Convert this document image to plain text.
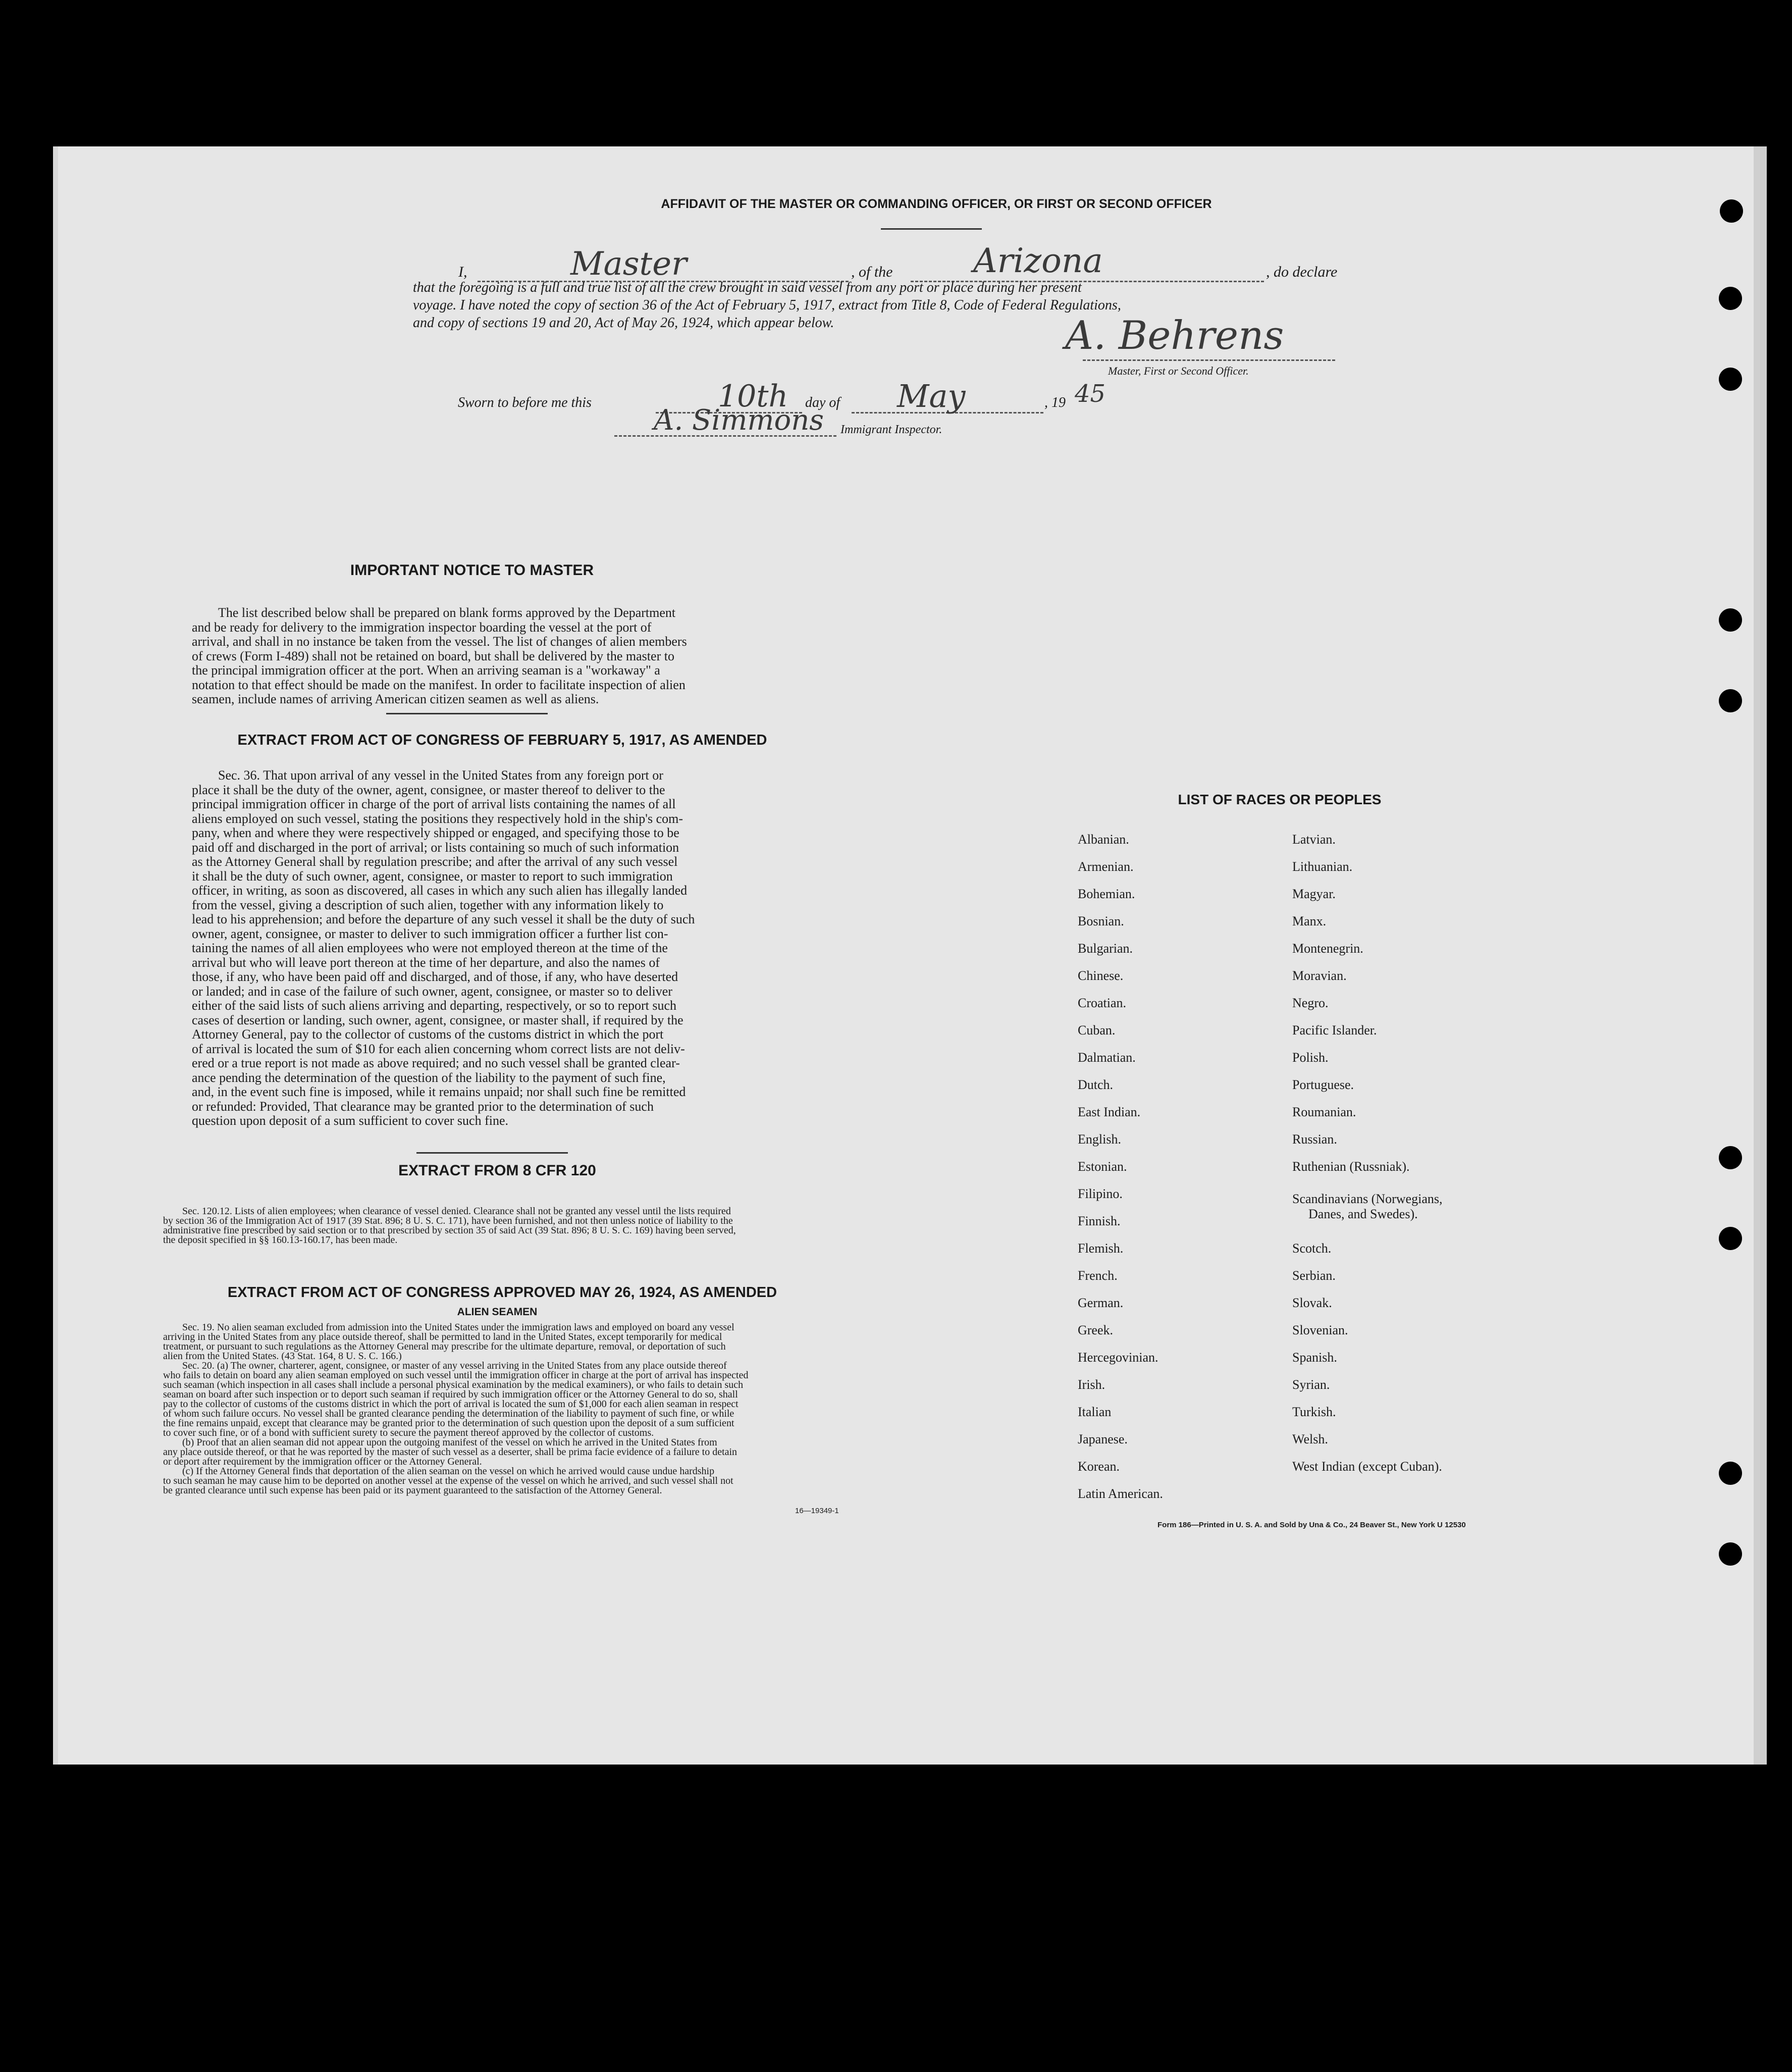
AFFIDAVIT OF THE MASTER OR COMMANDING OFFICER, OR FIRST OR SECOND OFFICER
I,	Master	, of the Arizona	, do declare
that the foregoing is a full and true list of all the crew brought in said vessel from any port or place during her present
voyage. I have noted the copy of section 36 of the Act of February 5, 1917, extract from Title 8, Code of Federal Regulations,
and copy of sections 19 and 20, Act of May 26, 1924, which appear below.	A. Behrens
Master, First or Second Officer.
Sworn to before me this	10th day of May	, 19 45
A. Simmons Immigrant Inspector.
IMPORTANT NOTICE TO MASTER
The list described below shall be prepared on blank forms approved by the Department
and be ready for delivery to the immigration inspector boarding the vessel at the port of
arrival, and shall in no instance be taken from the vessel. The list of changes of alien members
of crews (Form I-489) shall not be retained on board, but shall be delivered by the master to
the principal immigration officer at the port. When an arriving seaman is a "workaway" a
notation to that effect should be made on the manifest. In order to facilitate inspection of alien
seamen, include names of arriving American citizen seamen as well as aliens.
EXTRACT FROM ACT OF CONGRESS OF FEBRUARY 5, 1917, AS AMENDED
Sec. 36. That upon arrival of any vessel in the United States from any foreign port or
place it shall be the duty of the owner, agent, consignee, or master thereof to deliver to the
principal immigration officer in charge of the port of arrival lists containing the names of all
aliens employed on such vessel, stating the positions they respectively hold in the ship's com-
pany, when and where they were respectively shipped or engaged, and specifying those to be
paid off and discharged in the port of arrival; or lists containing so much of such information
as the Attorney General shall by regulation prescribe; and after the arrival of any such vessel
it shall be the duty of such owner, agent, consignee, or master to report to such immigration
officer, in writing, as soon as discovered, all cases in which any such alien has illegally landed
from the vessel, giving a description of such alien, together with any information likely to
lead to his apprehension; and before the departure of any such vessel it shall be the duty of such
owner, agent, consignee, or master to deliver to such immigration officer a further list con-
taining the names of all alien employees who were not employed thereon at the time of the
arrival but who will leave port thereon at the time of her departure, and also the names of
those, if any, who have been paid off and discharged, and of those, if any, who have deserted
or landed; and in case of the failure of such owner, agent, consignee, or master so to deliver
either of the said lists of such aliens arriving and departing, respectively, or so to report such
cases of desertion or landing, such owner, agent, consignee, or master shall, if required by the
Attorney General, pay to the collector of customs of the customs district in which the port
of arrival is located the sum of $10 for each alien concerning whom correct lists are not deliv-
ered or a true report is not made as above required; and no such vessel shall be granted clear-
ance pending the determination of the question of the liability to the payment of such fine,
and, in the event such fine is imposed, while it remains unpaid; nor shall such fine be remitted
or refunded: Provided, That clearance may be granted prior to the determination of such
question upon deposit of a sum sufficient to cover such fine.
EXTRACT FROM 8 CFR 120
Sec. 120.12. Lists of alien employees; when clearance of vessel denied. Clearance shall not be granted any vessel until the lists required
by section 36 of the Immigration Act of 1917 (39 Stat. 896; 8 U. S. C. 171), have been furnished, and not then unless notice of liability to the
administrative fine prescribed by said section or to that prescribed by section 35 of said Act (39 Stat. 896; 8 U. S. C. 169) having been served,
the deposit specified in §§ 160.13-160.17, has been made.
EXTRACT FROM ACT OF CONGRESS APPROVED MAY 26, 1924, AS AMENDED
ALIEN SEAMEN
Sec. 19. No alien seaman excluded from admission into the United States under the immigration laws and employed on board any vessel
arriving in the United States from any place outside thereof, shall be permitted to land in the United States, except temporarily for medical
treatment, or pursuant to such regulations as the Attorney General may prescribe for the ultimate departure, removal, or deportation of such
alien from the United States. (43 Stat. 164, 8 U. S. C. 166.)
Sec. 20. (a) The owner, charterer, agent, consignee, or master of any vessel arriving in the United States from any place outside thereof
who fails to detain on board any alien seaman employed on such vessel until the immigration officer in charge at the port of arrival has inspected
such seaman (which inspection in all cases shall include a personal physical examination by the medical examiners), or who fails to detain such
seaman on board after such inspection or to deport such seaman if required by such immigration officer or the Attorney General to do so, shall
pay to the collector of customs of the customs district in which the port of arrival is located the sum of $1,000 for each alien seaman in respect
of whom such failure occurs. No vessel shall be granted clearance pending the determination of the liability to payment of such fine, or while
the fine remains unpaid, except that clearance may be granted prior to the determination of such question upon the deposit of a sum sufficient
to cover such fine, or of a bond with sufficient surety to secure the payment thereof approved by the collector of customs.
(b) Proof that an alien seaman did not appear upon the outgoing manifest of the vessel on which he arrived in the United States from
any place outside thereof, or that he was reported by the master of such vessel as a deserter, shall be prima facie evidence of a failure to detain
or deport after requirement by the immigration officer or the Attorney General.
(c) If the Attorney General finds that deportation of the alien seaman on the vessel on which he arrived would cause undue hardship
to such seaman he may cause him to be deported on another vessel at the expense of the vessel on which he arrived, and such vessel shall not
be granted clearance until such expense has been paid or its payment guaranteed to the satisfaction of the Attorney General.
16—19349-1
LIST OF RACES OR PEOPLES
Albanian.
Armenian.
Bohemian.
Bosnian.
Bulgarian.
Chinese.
Croatian.
Cuban.
Dalmatian.
Dutch.
East Indian.
English.
Estonian.
Filipino.
Finnish.
Flemish.
French.
German.
Greek.
Hercegovinian.
Irish.
Italian
Japanese.
Korean.
Latin American.
Latvian.
Lithuanian.
Magyar.
Manx.
Montenegrin.
Moravian.
Negro.
Pacific Islander.
Polish.
Portuguese.
Roumanian.
Russian.
Ruthenian (Russniak).
Scandinavians (Norwegians,
Danes, and Swedes).
Scotch.
Serbian.
Slovak.
Slovenian.
Spanish.
Syrian.
Turkish.
Welsh.
West Indian (except Cuban).
Form 186—Printed in U. S. A. and Sold by Una & Co., 24 Beaver St., New York U 12530
